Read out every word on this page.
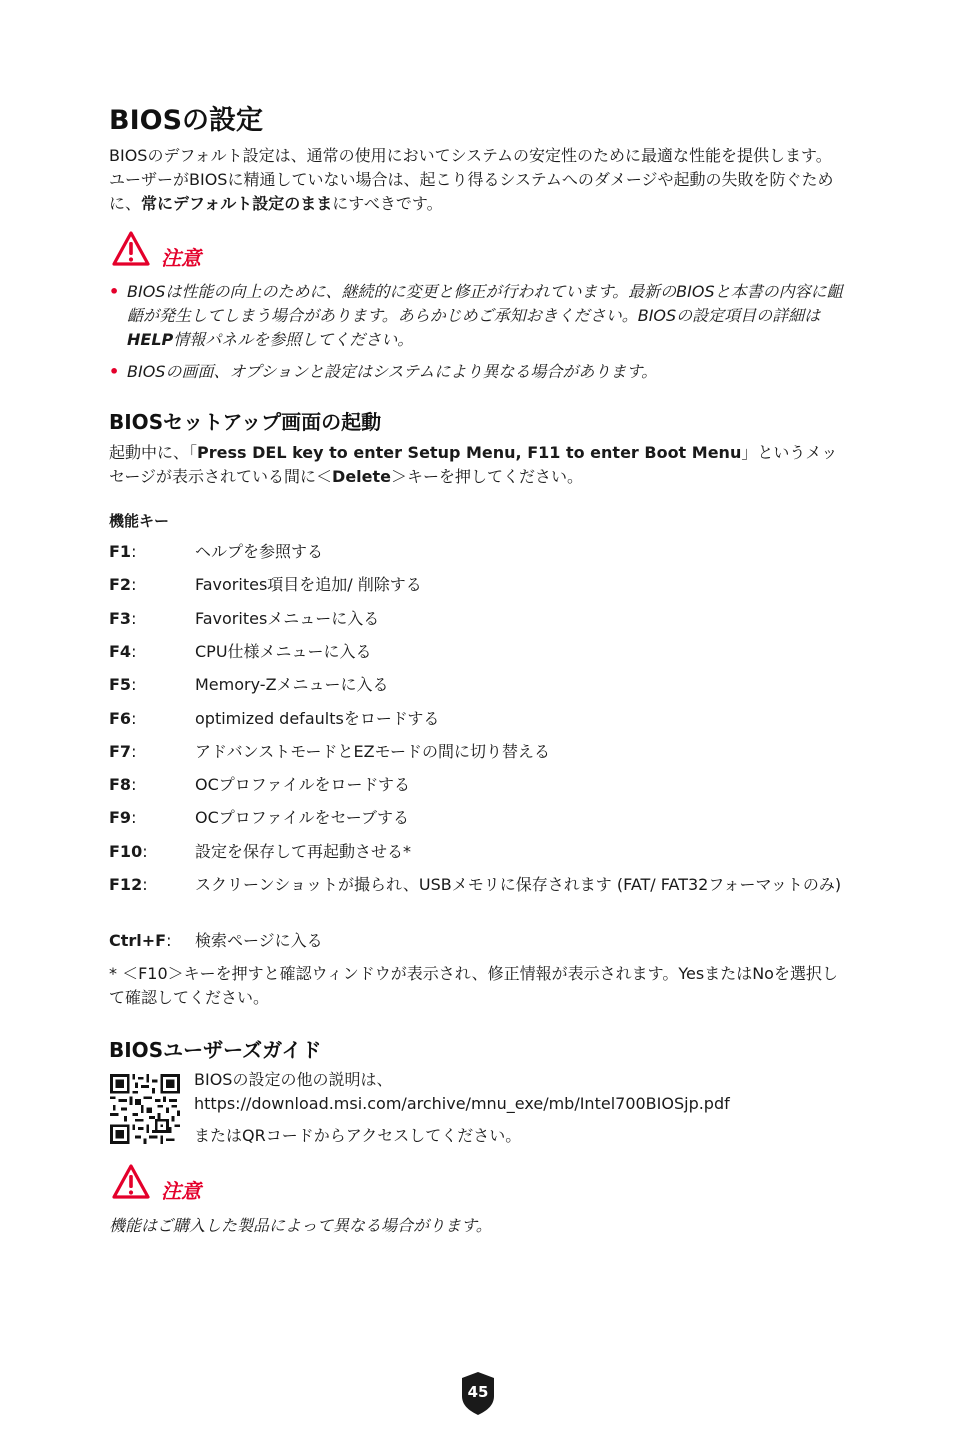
BIOSの設定
BIOSのデフォルト設定は、通常の使用においてシステムの安定性のために最適な性能を提供します。ユーザーがBIOSに精通していない場合は、起こり得るシステムへのダメージや起動の失敗を防ぐために、常にデフォルト設定のままにすべきです。
注意
• BIOSは性能の向上のために、継続的に変更と修正が行われています。最新のBIOSと本書の内容に齟齬が発生してしまう場合があります。あらかじめご承知おきください。BIOSの設定項目の詳細はHELP情報パネルを参照してください。
• BIOSの画面、オプションと設定はシステムにより異なる場合があります。
BIOSセットアップ画面の起動
起動中に、「Press DEL key to enter Setup Menu, F11 to enter Boot Menu」というメッセージが表示されている間に＜Delete＞キーを押してください。
機能キー
F1:	ヘルプを参照する
F2:	Favorites項目を追加/ 削除する
F3:	Favoritesメニューに入る
F4:	CPU仕様メニューに入る
F5:	Memory-Zメニューに入る
F6:	optimized defaultsをロードする
F7:	アドバンストモードとEZモードの間に切り替える
F8:	OCプロファイルをロードする
F9:	OCプロファイルをセーブする
F10:	設定を保存して再起動させる*
F12:	スクリーンショットが撮られ、USBメモリに保存されます (FAT/ FAT32フォーマットのみ)
Ctrl+F: 検索ページに入る
* ＜F10＞キーを押すと確認ウィンドウが表示され、修正情報が表示されます。YesまたはNoを選択して確認してください。
BIOSユーザーズガイド
BIOSの設定の他の説明は、
https://download.msi.com/archive/mnu_exe/mb/Intel700BIOSjp.pdf
またはQRコードからアクセスしてください。
注意
機能はご購入した製品によって異なる場合がります。
45
